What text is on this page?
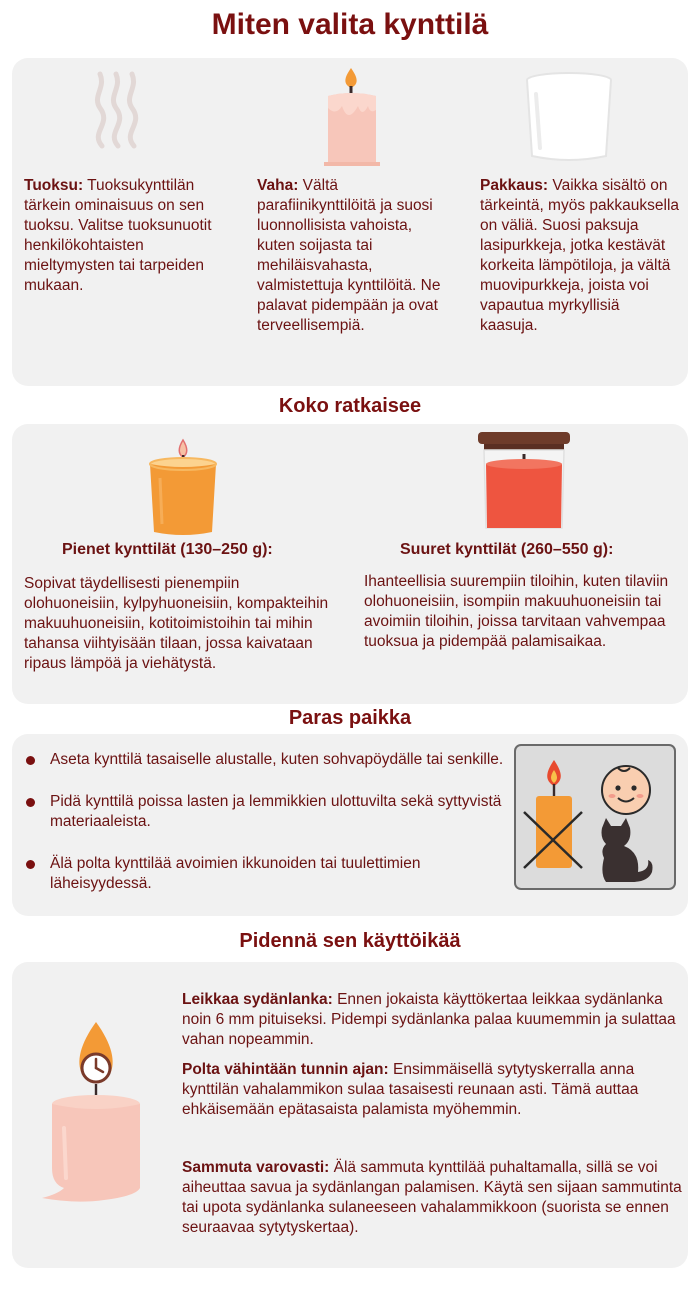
Miten valita kynttilä
Tuoksu: Tuoksukynttilän tärkein ominaisuus on sen tuoksu. Valitse tuoksunuotit henkilökohtaisten mieltymysten tai tarpeiden mukaan.
Vaha: Vältä parafiinikynttilöitä ja suosi luonnollisista vahoista, kuten soijasta tai mehiläisvahasta, valmistettuja kynttilöitä. Ne palavat pidempään ja ovat terveellisempiä.
Pakkaus: Vaikka sisältö on tärkeintä, myös pakkauksella on väliä. Suosi paksuja lasipurkkeja, jotka kestävät korkeita lämpötiloja, ja vältä muovipurkkeja, joista voi vapautua myrkyllisiä kaasuja.
Koko ratkaisee
Pienet kynttilät (130–250 g):	Suuret kynttilät (260–550 g):
Sopivat täydellisesti pienempiin olohuoneisiin, kylpyhuoneisiin, kompakteihin makuuhuoneisiin, kotitoimistoihin tai mihin tahansa viihtyisään tilaan, jossa kaivataan ripaus lämpöä ja viehätystä.
Ihanteellisia suurempiin tiloihin, kuten tilaviin olohuoneisiin, isompiin makuuhuoneisiin tai avoimiin tiloihin, joissa tarvitaan vahvempaa tuoksua ja pidempää palamisaikaa.
Paras paikka
Aseta kynttilä tasaiselle alustalle, kuten sohvapöydälle tai senkille.
Pidä kynttilä poissa lasten ja lemmikkien ulottuvilta sekä syttyvistä materiaaleista.
Älä polta kynttilää avoimien ikkunoiden tai tuulettimien läheisyydessä.
Pidennä sen käyttöikää
Leikkaa sydänlanka: Ennen jokaista käyttökertaa leikkaa sydänlanka noin 6 mm pituiseksi. Pidempi sydänlanka palaa kuumemmin ja sulattaa vahan nopeammin.
Polta vähintään tunnin ajan: Ensimmäisellä sytytyskerralla anna kynttilän vahalammikon sulaa tasaisesti reunaan asti. Tämä auttaa ehkäisemään epätasaista palamista myöhemmin.
Sammuta varovasti: Älä sammuta kynttilää puhaltamalla, sillä se voi aiheuttaa savua ja sydänlangan palamisen. Käytä sen sijaan sammutinta tai upota sydänlanka sulaneeseen vahalammikkoon (suorista se ennen seuraavaa sytytyskertaa).
